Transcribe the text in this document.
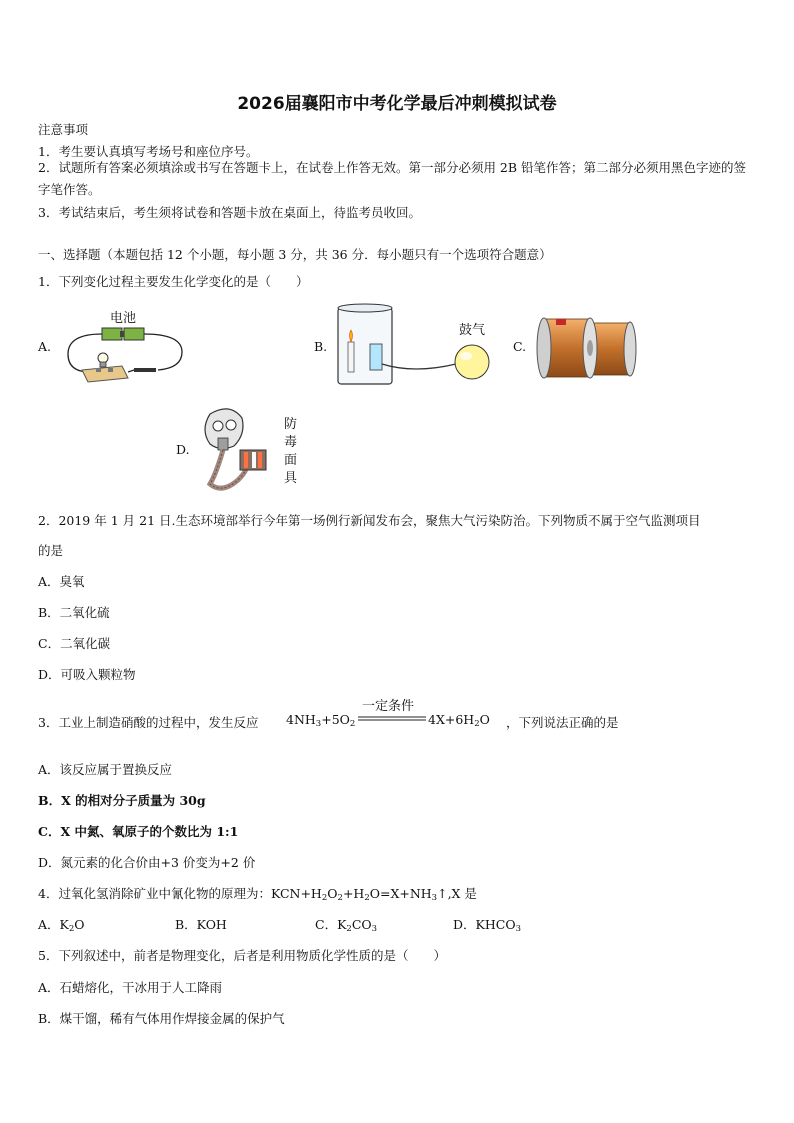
2026届襄阳市中考化学最后冲刺模拟试卷
注意事项
1．考生要认真填写考场号和座位序号。
2．试题所有答案必须填涂或书写在答题卡上，在试卷上作答无效。第一部分必须用 2B 铅笔作答；第二部分必须用黑色字迹的签字笔作答。
3．考试结束后，考生须将试卷和答题卡放在桌面上，待监考员收回。
一、选择题（本题包括 12 个小题，每小题 3 分，共 36 分．每小题只有一个选项符合题意）
1．下列变化过程主要发生化学变化的是（　　）
A.
电池
B.
鼓气
C.
D.
防
毒
面
具
2．2019 年 1 月 21 日.生态环境部举行今年第一场例行新闻发布会，聚焦大气污染防治。下列物质不属于空气监测项目
的是
A．臭氧
B．二氧化硫
C．二氧化碳
D．可吸入颗粒物
3．工业上制造硝酸的过程中，发生反应 $4NH_3+5O_2$
一定条件
$4X+6H_2O$ ，下列说法正确的是
A．该反应属于置换反应
B．X 的相对分子质量为 30g
C．X 中氮、氧原子的个数比为 1:1
D．氮元素的化合价由+3 价变为+2 价
4．过氧化氢消除矿业中氰化物的原理为：$KCN+H_2O_2+H_2O=X+NH_3↑,X$ 是
A．$K_2O$	B．KOH	C．$K_2CO_3$	D．$KHCO_3$
5．下列叙述中，前者是物理变化，后者是利用物质化学性质的是（　　）
A．石蜡熔化，干冰用于人工降雨
B．煤干馏，稀有气体用作焊接金属的保护气
